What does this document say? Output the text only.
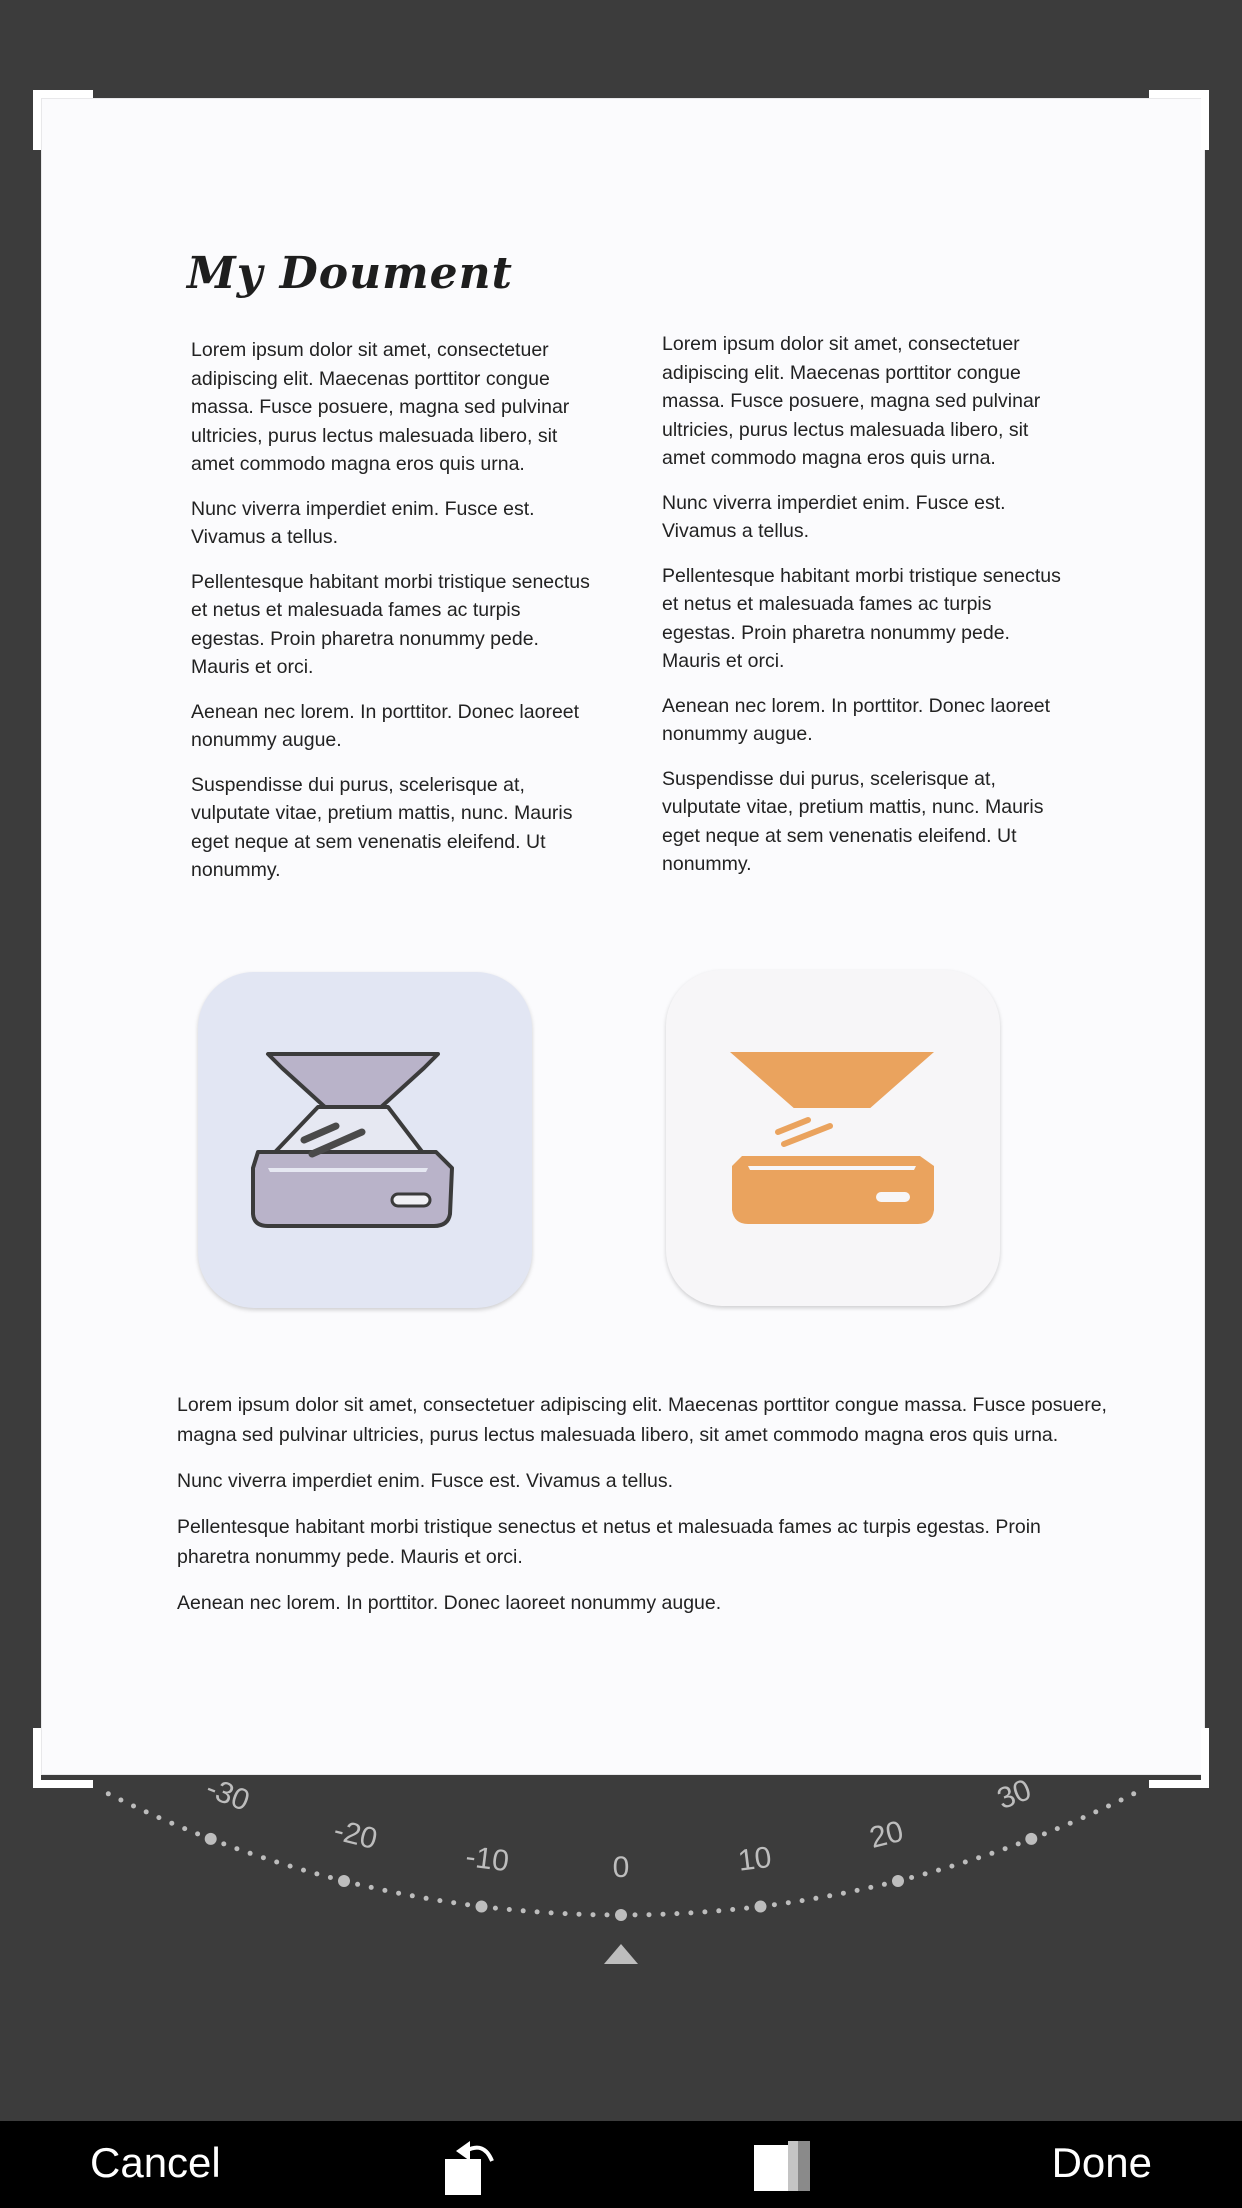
My Doument

Lorem ipsum dolor sit amet, consectetuer adipiscing elit. Maecenas porttitor congue massa. Fusce posuere, magna sed pulvinar ultricies, purus lectus malesuada libero, sit amet commodo magna eros quis urna.

Nunc viverra imperdiet enim. Fusce est. Vivamus a tellus.

Pellentesque habitant morbi tristique senectus et netus et malesuada fames ac turpis egestas. Proin pharetra nonummy pede. Mauris et orci.

Aenean nec lorem. In porttitor. Donec laoreet nonummy augue.

Suspendisse dui purus, scelerisque at, vulputate vitae, pretium mattis, nunc. Mauris eget neque at sem venenatis eleifend. Ut nonummy.

Lorem ipsum dolor sit amet, consectetuer adipiscing elit. Maecenas porttitor congue massa. Fusce posuere, magna sed pulvinar ultricies, purus lectus malesuada libero, sit amet commodo magna eros quis urna.

Nunc viverra imperdiet enim. Fusce est. Vivamus a tellus.

Pellentesque habitant morbi tristique senectus et netus et malesuada fames ac turpis egestas. Proin pharetra nonummy pede. Mauris et orci.

Aenean nec lorem. In porttitor. Donec laoreet nonummy augue.

Suspendisse dui purus, scelerisque at, vulputate vitae, pretium mattis, nunc. Mauris eget neque at sem venenatis eleifend. Ut nonummy.

Lorem ipsum dolor sit amet, consectetuer adipiscing elit. Maecenas porttitor congue massa. Fusce posuere, magna sed pulvinar ultricies, purus lectus malesuada libero, sit amet commodo magna eros quis urna.

Nunc viverra imperdiet enim. Fusce est. Vivamus a tellus.

Pellentesque habitant morbi tristique senectus et netus et malesuada fames ac turpis egestas. Proin pharetra nonummy pede. Mauris et orci.

Aenean nec lorem. In porttitor. Donec laoreet nonummy augue.

-30
-20
-10	0	10
20
30
Cancel	Done
